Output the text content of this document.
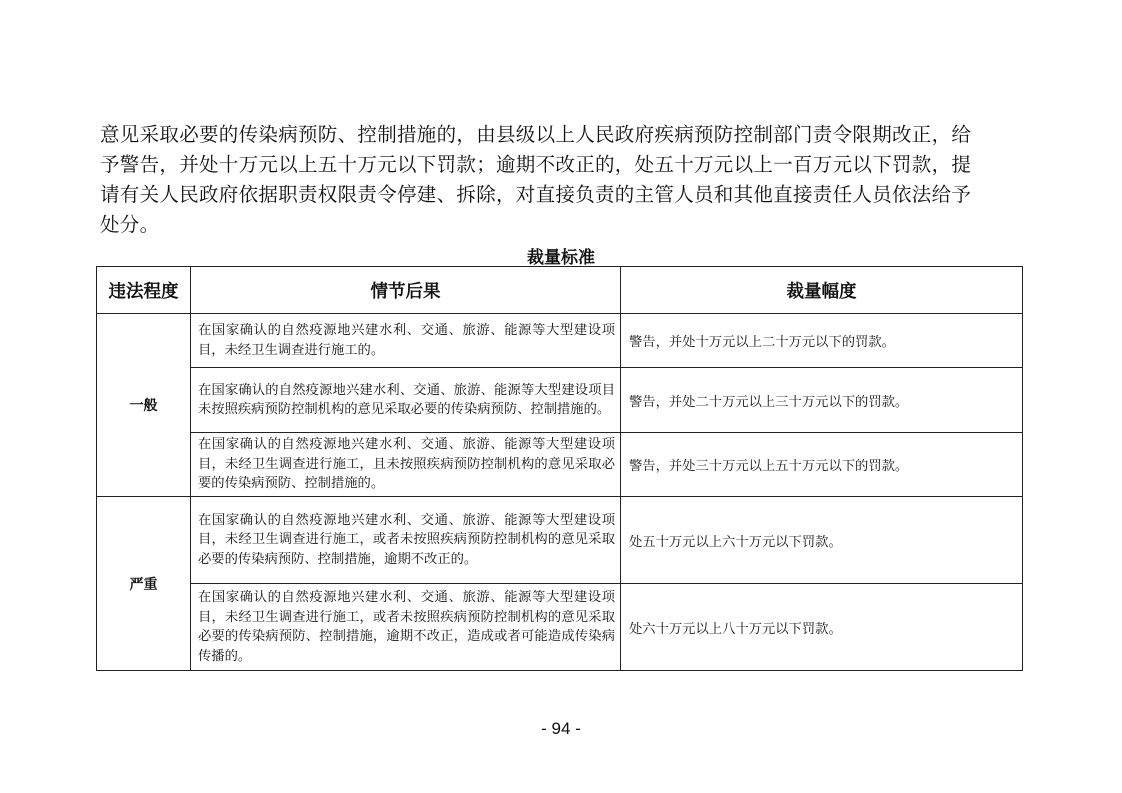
意见采取必要的传染病预防、控制措施的，由县级以上人民政府疾病预防控制部门责令限期改正，给
予警告，并处十万元以上五十万元以下罚款；逾期不改正的，处五十万元以上一百万元以下罚款，提
请有关人民政府依据职责权限责令停建、拆除，对直接负责的主管人员和其他直接责任人员依法给予
处分。
裁量标准
违法程度	情节后果	裁量幅度
一般	在国家确认的自然疫源地兴建水利、交通、旅游、能源等大型建设项目，未经卫生调查进行施工的。	警告，并处十万元以上二十万元以下的罚款。
	在国家确认的自然疫源地兴建水利、交通、旅游、能源等大型建设项目未按照疾病预防控制机构的意见采取必要的传染病预防、控制措施的。	警告，并处二十万元以上三十万元以下的罚款。
	在国家确认的自然疫源地兴建水利、交通、旅游、能源等大型建设项目，未经卫生调查进行施工，且未按照疾病预防控制机构的意见采取必要的传染病预防、控制措施的。	警告，并处三十万元以上五十万元以下的罚款。
严重	在国家确认的自然疫源地兴建水利、交通、旅游、能源等大型建设项目，未经卫生调查进行施工，或者未按照疾病预防控制机构的意见采取必要的传染病预防、控制措施，逾期不改正的。	处五十万元以上六十万元以下罚款。
	在国家确认的自然疫源地兴建水利、交通、旅游、能源等大型建设项目，未经卫生调查进行施工，或者未按照疾病预防控制机构的意见采取必要的传染病预防、控制措施，逾期不改正，造成或者可能造成传染病传播的。	处六十万元以上八十万元以下罚款。
- 94 -
